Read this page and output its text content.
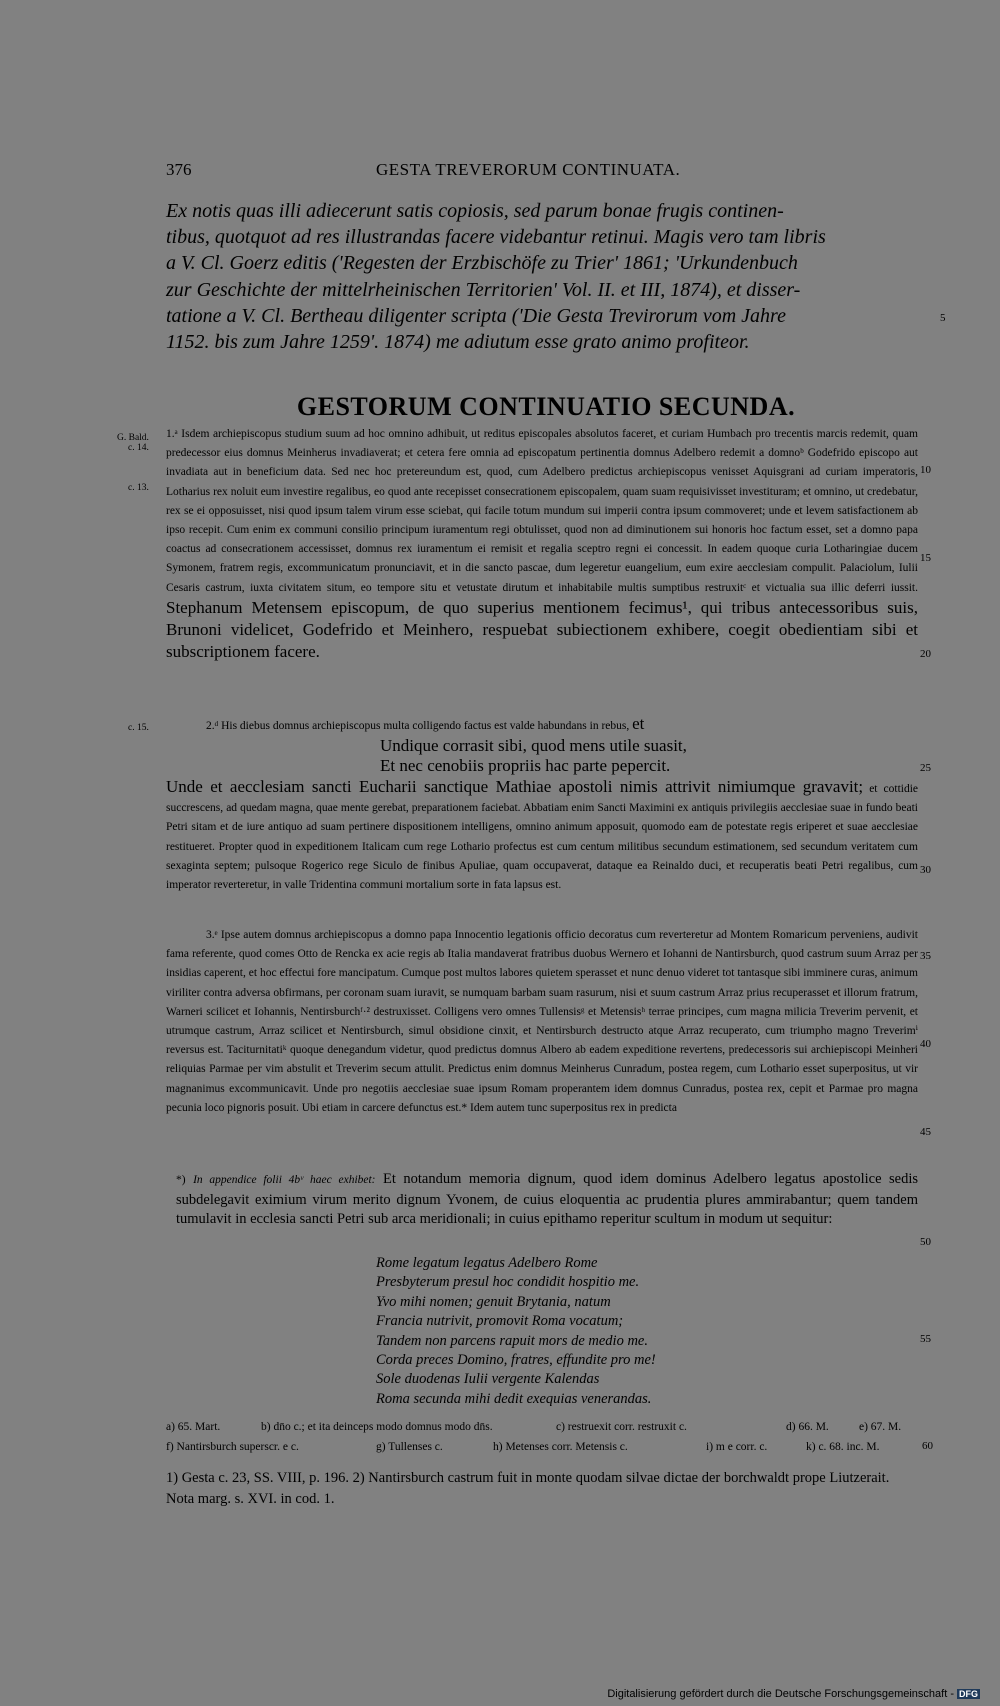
376	GESTA TREVERORUM CONTINUATA.

Ex notis quas illi adiecerunt satis copiosis, sed parum bonae frugis continen-

tibus, quotquot ad res illustrandas facere videbantur retinui. Magis vero tam libris

a V. Cl. Goerz editis ('Regesten der Erzbischöfe zu Trier' 1861; 'Urkundenbuch

zur Geschichte der mittelrheinischen Territorien' Vol. II. et III, 1874), et disser-

tatione a V. Cl. Bertheau diligenter scripta ('Die Gesta Trevirorum vom Jahre

1152. bis zum Jahre 1259'. 1874) me adiutum esse grato animo profiteor.

5
GESTORUM CONTINUATIO SECUNDA.
G. Bald.
c. 14.
c. 13.
c. 15.

1.ᵃ Isdem archiepiscopus studium suum ad hoc omnino adhibuit, ut reditus episcopales absolutos faceret, et curiam Humbach pro trecentis marcis redemit, quam predecessor eius domnus Meinherus invadiaverat; et cetera fere omnia ad episcopatum pertinentia domnus Adelbero redemit a domnoᵇ Godefrido episcopo aut invadiata aut in beneficium data. Sed nec hoc pretereundum est, quod, cum Adelbero predictus archiepiscopus venisset Aquisgrani ad curiam imperatoris, Lotharius rex noluit eum investire regalibus, eo quod ante recepisset consecrationem episcopalem, quam suam requisivisset investituram; et omnino, ut credebatur, rex se ei opposuisset, nisi quod ipsum talem virum esse sciebat, qui facile totum mundum sui imperii contra ipsum commoveret; unde et levem satisfactionem ab ipso recepit. Cum enim ex communi consilio principum iuramentum regi obtulisset, quod non ad diminutionem sui honoris hoc factum esset, set a domno papa coactus ad consecrationem accessisset, domnus rex iuramentum ei remisit et regalia sceptro regni ei concessit. In eadem quoque curia Lotharingiae ducem Symonem, fratrem regis, excommunicatum pronunciavit, et in die sancto pascae, dum legeretur euangelium, eum exire aecclesiam compulit. Palaciolum, Iulii Cesaris castrum, iuxta civitatem situm, eo tempore situ et vetustate dirutum et inhabitabile multis sumptibus restruxitᶜ et victualia sua illic deferri iussit. Stephanum Metensem episcopum, de quo superius mentionem fecimus¹, qui tribus antecessoribus suis, Brunoni videlicet, Godefrido et Meinhero, respuebat subiectionem exhibere, coegit obedientiam sibi et subscriptionem facere.

10
15
20

2.ᵈ His diebus domnus archiepiscopus multa colligendo factus est valde habundans in rebus, et

Undique corrasit sibi, quod mens utile suasit,
Et nec cenobiis propriis hac parte pepercit.	25

Unde et aecclesiam sancti Eucharii sanctique Mathiae apostoli nimis attrivit nimiumque gravavit; et cottidie succrescens, ad quedam magna, quae mente gerebat, preparationem faciebat. Abbatiam enim Sancti Maximini ex antiquis privilegiis aecclesiae suae in fundo beati Petri sitam et de iure antiquo ad suam pertinere dispositionem intelligens, omnino animum apposuit, quomodo eam de potestate regis eriperet et suae aecclesiae restitueret. Propter quod in expeditionem Italicam cum rege Lothario profectus est cum centum militibus secundum estimationem, sed secundum veritatem cum sexaginta septem; pulsoque Rogerico rege Siculo de finibus Apuliae, quam occupaverat, dataque ea Reinaldo duci, et recuperatis beati Petri regalibus, cum imperator reverteretur, in valle Tridentina communi mortalium sorte in fata lapsus est.

30

3.ᵉ Ipse autem domnus archiepiscopus a domno papa Innocentio legationis officio decoratus cum reverteretur ad Montem Romaricum perveniens, audivit fama referente, quod comes Otto de Rencka ex acie regis ab Italia mandaverat fratribus duobus Wernero et Iohanni de Nantirsburch, quod castrum suum Arraz per insidias caperent, et hoc effectui fore mancipatum. Cumque post multos labores quietem sperasset et nunc denuo videret tot tantasque sibi imminere curas, animum viriliter contra adversa obfirmans, per coronam suam iuravit, se numquam barbam suam rasurum, nisi et suum castrum Arraz prius recuperasset et illorum fratrum, Warneri scilicet et Iohannis, Nentirsburchᶠ·² destruxisset. Colligens vero omnes Tullensisᵍ et Metensisʰ terrae principes, cum magna milicia Treverim pervenit, et utrumque castrum, Arraz scilicet et Nentirsburch, simul obsidione cinxit, et Nentirsburch destructo atque Arraz recuperato, cum triumpho magno Treverimⁱ reversus est. Taciturnitatiᵏ quoque denegandum videtur, quod predictus domnus Albero ab eadem expeditione revertens, predecessoris sui archiepiscopi Meinheri reliquias Parmae per vim abstulit et Treverim secum attulit. Predictus enim domnus Meinherus Cunradum, postea regem, cum Lothario esset superpositus, ut vir magnanimus excommunicavit. Unde pro negotiis aecclesiae suae ipsum Romam properantem idem domnus Cunradus, postea rex, cepit et Parmae pro magna pecunia loco pignoris posuit. Ubi etiam in carcere defunctus est.* Idem autem tunc superpositus rex in predicta

35
40
45

*) In appendice folii 4bᵛ haec exhibet: Et notandum memoria dignum, quod idem dominus Adelbero legatus apostolice sedis subdelegavit eximium virum merito dignum Yvonem, de cuius eloquentia ac prudentia plures ammirabantur; quem tandem tumulavit in ecclesia sancti Petri sub arca meridionali; in cuius epithamo reperitur scultum in modum ut sequitur:

50
Rome legatum legatus Adelbero Rome
Presbyterum presul hoc condidit hospitio me.
Yvo mihi nomen; genuit Brytania, natum
Francia nutrivit, promovit Roma vocatum;
Tandem non parcens rapuit mors de medio me.
Corda preces Domino, fratres, effundite pro me!
Sole duodenas Iulii vergente Kalendas
Roma secunda mihi dedit exequias venerandas.
55
a) 65. Mart.	b) dn̄o c.; et ita deinceps modo domnus modo dn̄s.	c) restruexit corr. restruxit c.	d) 66. M.	e) 67. M.
f) Nantirsburch superscr. e c.	g) Tullenses c.	h) Metenses corr. Metensis c.	i) m e corr. c.	k) c. 68. inc. M.	60

1) Gesta c. 23, SS. VIII, p. 196. 2) Nantirsburch castrum fuit in monte quodam silvae dictae der borchwaldt prope Liutzerait. Nota marg. s. XVI. in cod. 1.

Digitalisierung gefördert durch die Deutsche Forschungsgemeinschaft - DFG
